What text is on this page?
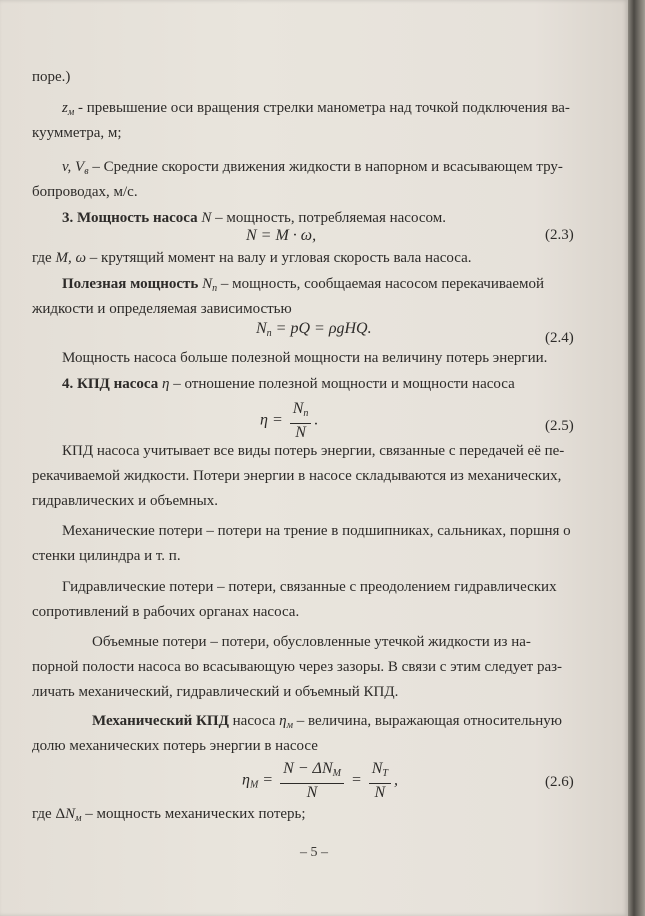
поре.)
$z_м$ - превышение оси вращения стрелки манометра над точкой подключения ва-
куумметра, м;
v, $V_в$ – Средние скорости движения жидкости в напорном и всасывающем тру-
бопроводах, м/с.
3. Мощность насоса N – мощность, потребляемая насосом.
N = M · ω,	(2.3)
где M, ω – крутящий момент на валу и угловая скорость вала насоса.
Полезная мощность $N_п$ – мощность, сообщаемая насосом перекачиваемой
жидкости и определяемая зависимостью
$N_п$ = pQ = ρgHQ.
(2.4)
Мощность насоса больше полезной мощности на величину потерь энергии.
4. КПД насоса η – отношение полезной мощности и мощности насоса
$\eta = \frac{N_п}{N}$ .	(2.5)
КПД насоса учитывает все виды потерь энергии, связанные с передачей её пе-
рекачиваемой жидкости. Потери энергии в насосе складываются из механических,
гидравлических и объемных.
Механические потери – потери на трение в подшипниках, сальниках, поршня о
стенки цилиндра и т. п.
Гидравлические потери – потери, связанные с преодолением гидравлических
сопротивлений в рабочих органах насоса.
Объемные потери – потери, обусловленные утечкой жидкости из на-
порной полости насоса во всасывающую через зазоры. В связи с этим следует раз-
личать механический, гидравлический и объемный КПД.
Механический КПД насоса $\eta_м$ – величина, выражающая относительную
долю механических потерь энергии в насосе
$\eta_M = \frac{N - \Delta N_M}{N} = \frac{N_T}{N}$ ,	(2.6)
где $\Delta N_м$ – мощность механических потерь;
– 5 –
